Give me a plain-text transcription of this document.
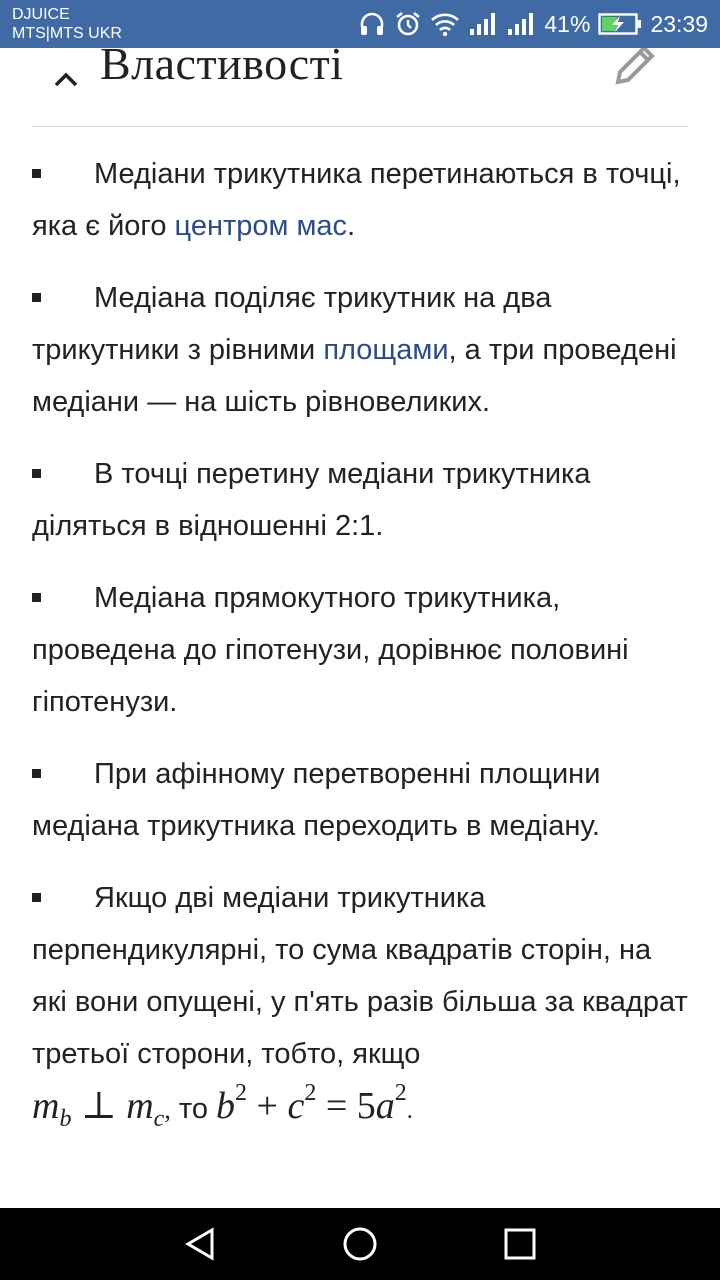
DJUICE
MTS|MTS UKR	41%	23:39
Властивості
Медіани трикутника перетинаються в точці, яка є його центром мас.
Медіана поділяє трикутник на два трикутники з рівними площами, а три проведені медіани — на шість рівновеликих.
В точці перетину медіани трикутника діляться в відношенні 2:1.
Медіана прямокутного трикутника, проведена до гіпотенузи, дорівнює половині гіпотенузи.
При афінному перетворенні площини медіана трикутника переходить в медіану.
Якщо дві медіани трикутника перпендикулярні, то сума квадратів сторін, на які вони опущені, у п'ять разів більша за квадрат третьої сторони, тобто, якщо
$m_b$ ⊥ $m_c$, то $b^2 + c^2 = 5a^2$.
